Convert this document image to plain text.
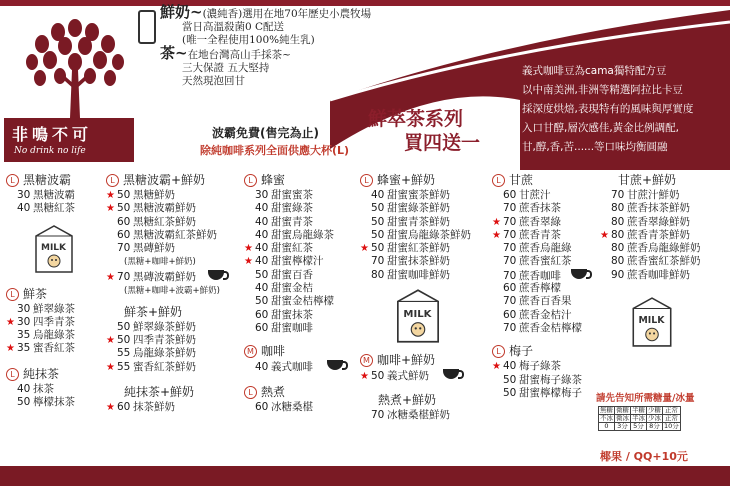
非鳴不可
No drink no life
鮮奶~(濃純香)選用在地70年歷史小農牧場
當日高溫殺菌0 C配送
(唯一全程使用100%純生乳)
茶~在地台灣高山手採茶~
三大保證 五大堅持
天然現泡回甘
波霸免費(售完為止)
除純咖啡系列全面供應大杯(L)
鮮萃茶系列
買四送一
義式咖啡豆為cama獨特配方豆
以中南美洲,非洲等精選阿拉比卡豆
採深度烘焙,表現特有的風味與厚實度
入口甘醇,層次感佳,黃金比例調配,
甘,醇,香,苦......等口味均衡圓融
L 黑糖波霸
30 黑糖波霸
40 黑糖紅茶
MILK
L 鮮茶
30 鮮翠綠茶
★ 30 四季青茶
35 烏龍綠茶
★ 35 蜜香紅茶
L 純抹茶
40 抹茶
50 檸檬抹茶
L 黑糖波霸+鮮奶
★ 50 黑糖鮮奶
★ 50 黑糖波霸鮮奶
60 黑糖紅茶鮮奶
60 黑糖波霸紅茶鮮奶
70 黑磚鮮奶
(黑糖+咖啡+鮮奶)
★ 70 黑磚波霸鮮奶
(黑糖+咖啡+波霸+鮮奶)
鮮茶+鮮奶
50 鮮翠綠茶鮮奶
★ 50 四季青茶鮮奶
55 烏龍綠茶鮮奶
★ 55 蜜香紅茶鮮奶
純抹茶+鮮奶
★ 60 抹茶鮮奶
L 蜂蜜
30 甜蜜蜜茶
40 甜蜜綠茶
40 甜蜜青茶
40 甜蜜烏龍綠茶
★ 40 甜蜜紅茶
★ 40 甜蜜檸檬汁
50 甜蜜百香
40 甜蜜金桔
50 甜蜜金桔檸檬
60 甜蜜抹茶
60 甜蜜咖啡
M 咖啡
40 義式咖啡
L 熱煮
60 冰糖桑椹
L 蜂蜜+鮮奶
40 甜蜜蜜茶鮮奶
50 甜蜜綠茶鮮奶
50 甜蜜青茶鮮奶
50 甜蜜烏龍綠茶鮮奶
★ 50 甜蜜紅茶鮮奶
70 甜蜜抹茶鮮奶
80 甜蜜咖啡鮮奶
MILK
M 咖啡+鮮奶
★ 50 義式鮮奶
熱煮+鮮奶
70 冰糖桑椹鮮奶
L 甘蔗
60 甘蔗汁
70 蔗香抹茶
★ 70 蔗香翠綠
★ 70 蔗香青茶
70 蔗香烏龍綠
70 蔗香蜜紅茶
70 蔗香咖啡
60 蔗香檸檬
70 蔗香百香果
60 蔗香金桔汁
70 蔗香金桔檸檬
L 梅子
★ 40 梅子綠茶
50 甜蜜梅子綠茶
50 甜蜜檸檬梅子
甘蔗+鮮奶
70 甘蔗汁鮮奶
80 蔗香抹茶鮮奶
80 蔗香翠綠鮮奶
★ 80 蔗香青茶鮮奶
80 蔗香烏龍綠鮮奶
80 蔗香蜜紅茶鮮奶
90 蔗香咖啡鮮奶
MILK
請先告知所需糖量/冰量
無糖	微糖	半糖	少糖	正常
不冰	微冰	半冰	少冰	正常
0	3分	5分	8分	10分
椰果 / QQ+10元
